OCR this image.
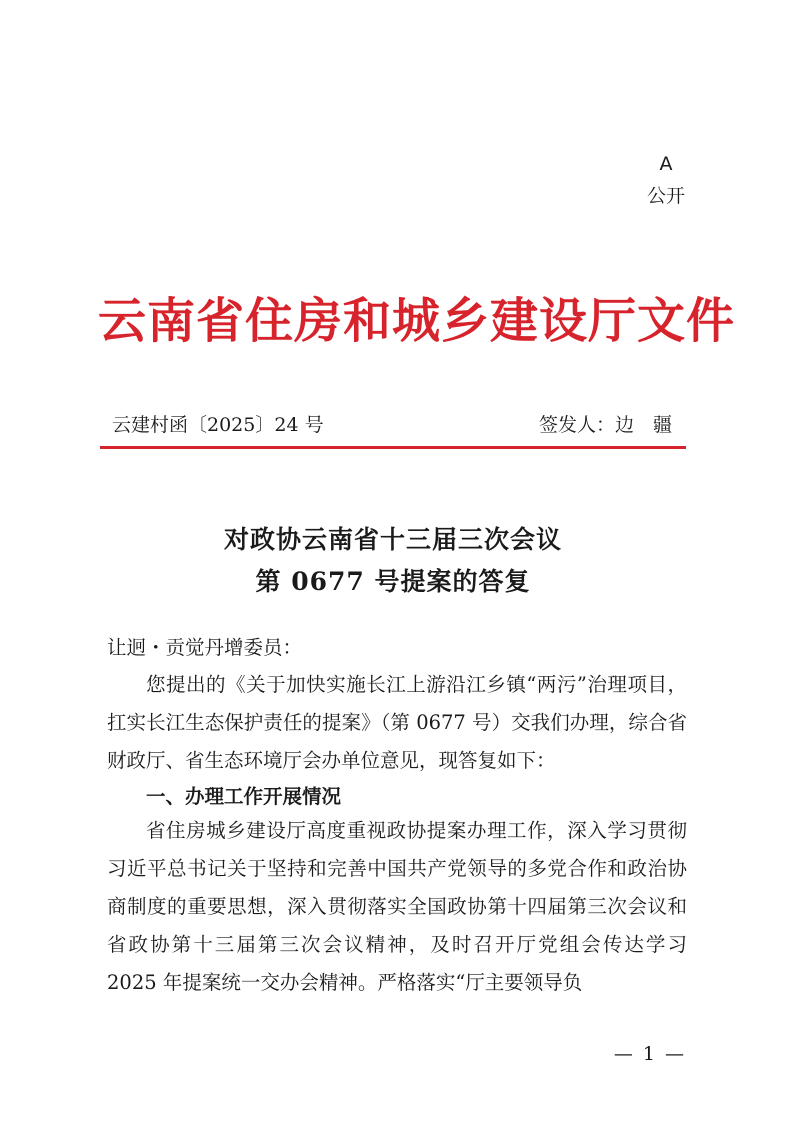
A
公开
云南省住房和城乡建设厅文件
云建村函〔2025〕24 号	签发人：边　疆
对政协云南省十三届三次会议
第 0677 号提案的答复
让迥・贡觉丹增委员：
您提出的《关于加快实施长江上游沿江乡镇“两污”治理项目，扛实长江生态保护责任的提案》（第 0677 号）交我们办理，综合省财政厅、省生态环境厅会办单位意见，现答复如下：
一、办理工作开展情况
省住房城乡建设厅高度重视政协提案办理工作，深入学习贯彻习近平总书记关于坚持和完善中国共产党领导的多党合作和政治协商制度的重要思想，深入贯彻落实全国政协第十四届第三次会议和省政协第十三届第三次会议精神，及时召开厅党组会传达学习 2025 年提案统一交办会精神。严格落实“厅主要领导负
— 1 —
